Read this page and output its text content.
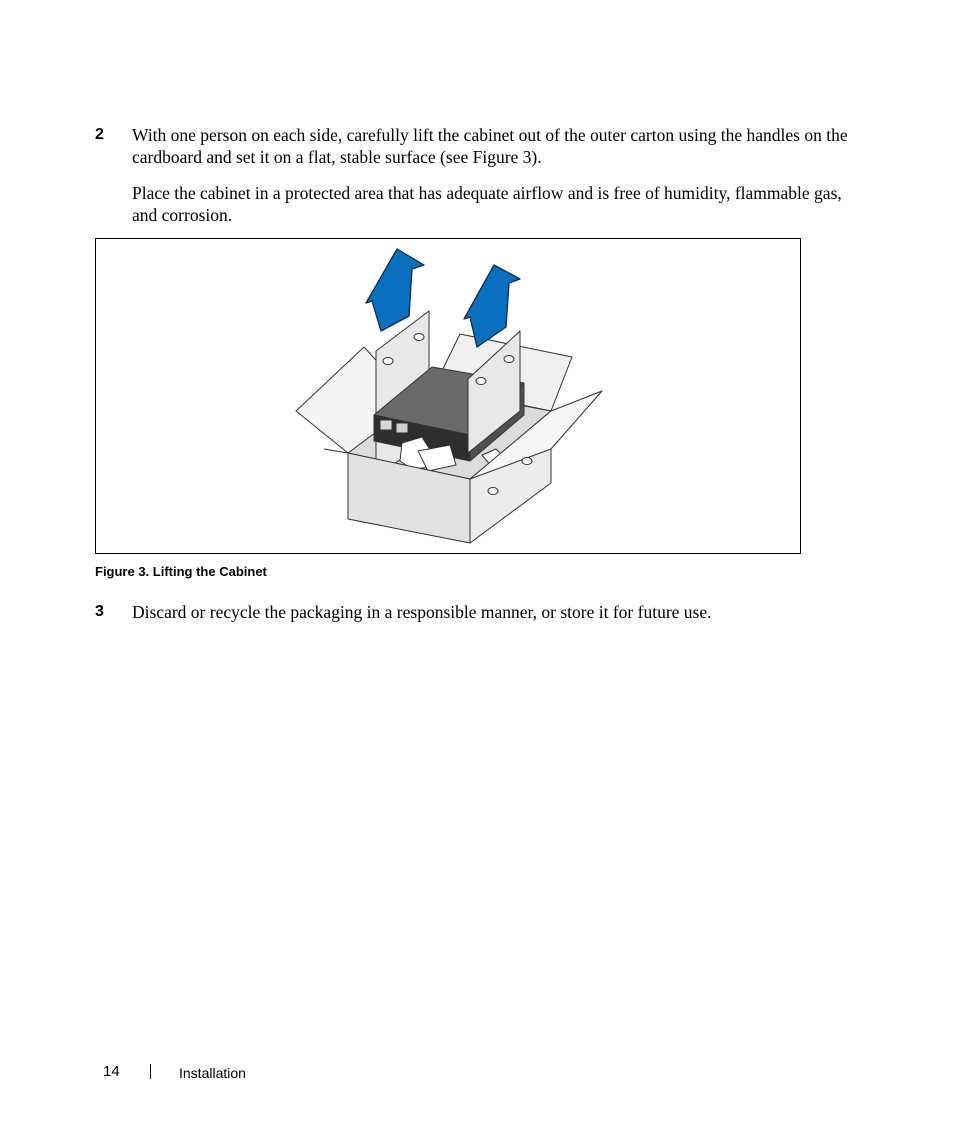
2 With one person on each side, carefully lift the cabinet out of the outer carton using the handles on the cardboard and set it on a flat, stable surface (see Figure 3).

Place the cabinet in a protected area that has adequate airflow and is free of humidity, flammable gas, and corrosion.

Figure 3. Lifting the Cabinet
3 Discard or recycle the packaging in a responsible manner, or store it for future use.

14	Installation
